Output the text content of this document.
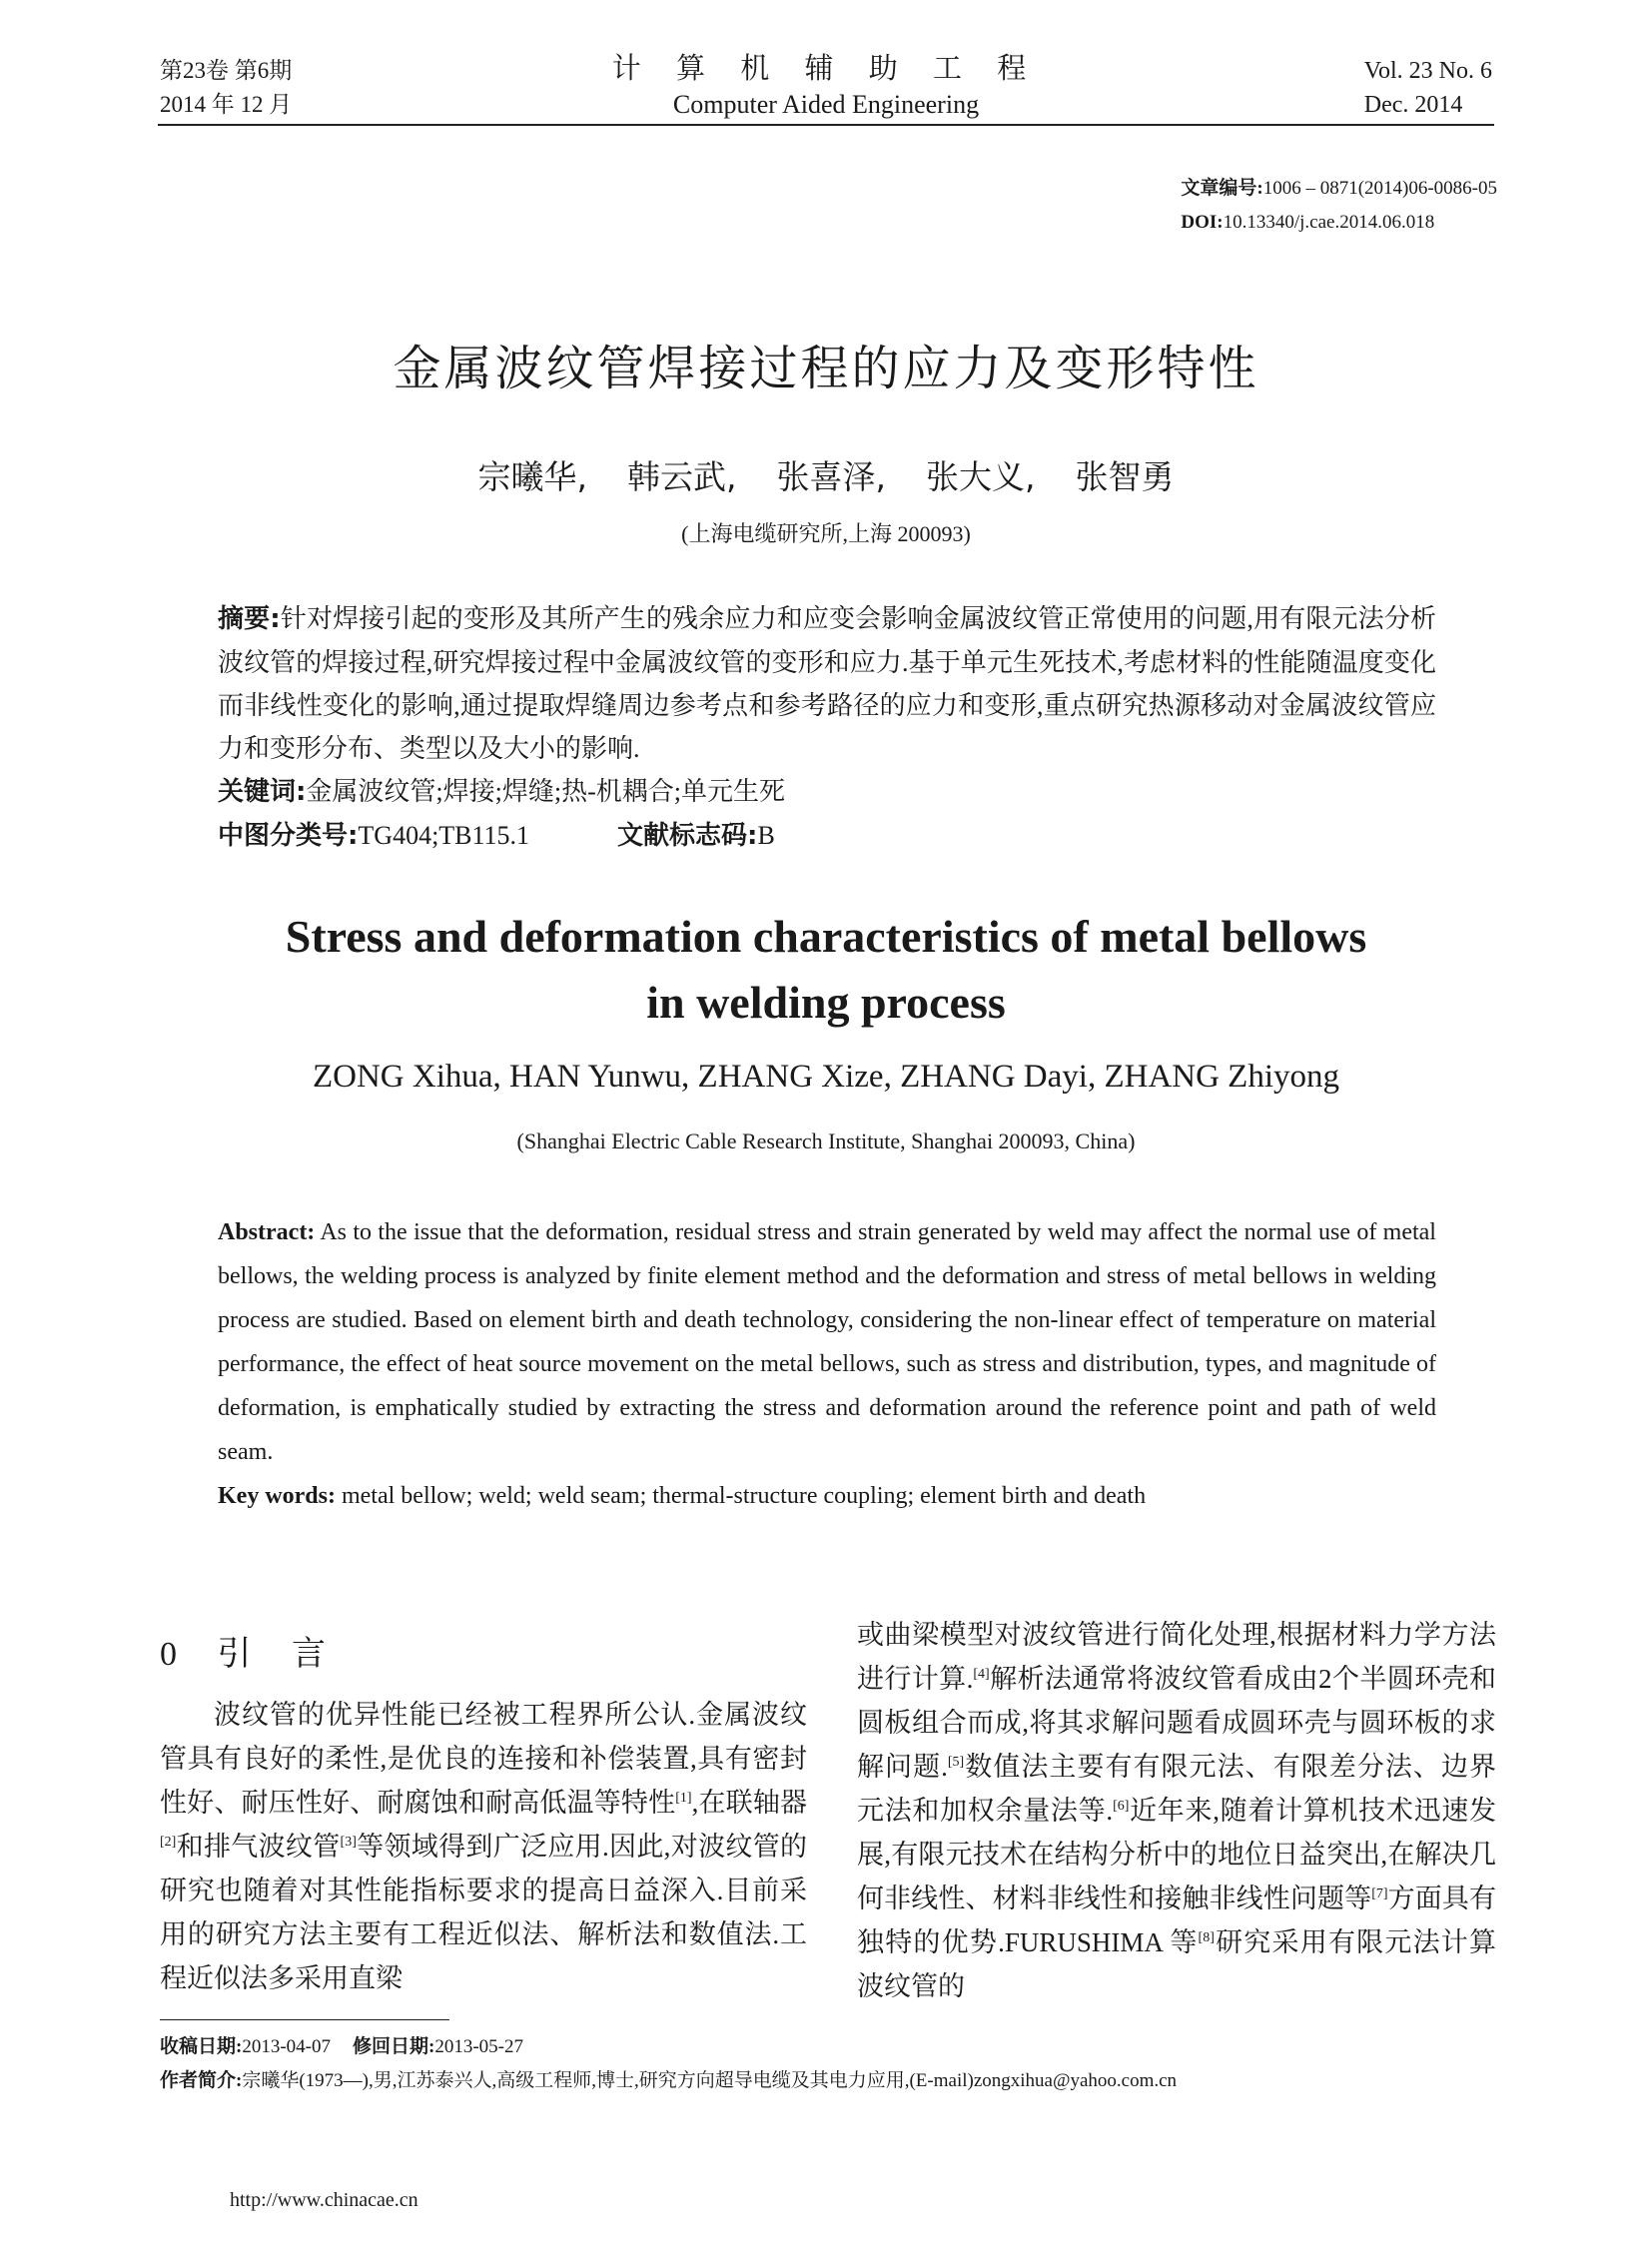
第23卷 第6期
2014 年 12 月
计 算 机 辅 助 工 程
Computer Aided Engineering
Vol. 23 No. 6
Dec. 2014
文章编号:1006 – 0871(2014)06-0086-05
DOI:10.13340/j.cae.2014.06.018
金属波纹管焊接过程的应力及变形特性
宗曦华, 韩云武, 张喜泽, 张大义, 张智勇
(上海电缆研究所,上海 200093)

摘要:针对焊接引起的变形及其所产生的残余应力和应变会影响金属波纹管正常使用的问题,用有限元法分析波纹管的焊接过程,研究焊接过程中金属波纹管的变形和应力.基于单元生死技术,考虑材料的性能随温度变化而非线性变化的影响,通过提取焊缝周边参考点和参考路径的应力和变形,重点研究热源移动对金属波纹管应力和变形分布、类型以及大小的影响.

关键词:金属波纹管;焊接;焊缝;热-机耦合;单元生死

中图分类号:TG404;TB115.1	文献标志码:B

Stress and deformation characteristics of metal bellows
in welding process
ZONG Xihua, HAN Yunwu, ZHANG Xize, ZHANG Dayi, ZHANG Zhiyong
(Shanghai Electric Cable Research Institute, Shanghai 200093, China)

Abstract: As to the issue that the deformation, residual stress and strain generated by weld may affect the normal use of metal bellows, the welding process is analyzed by finite element method and the deformation and stress of metal bellows in welding process are studied. Based on element birth and death technology, considering the non-linear effect of temperature on material performance, the effect of heat source movement on the metal bellows, such as stress and distribution, types, and magnitude of deformation, is emphatically studied by extracting the stress and deformation around the reference point and path of weld seam.

Key words: metal bellow; weld; weld seam; thermal-structure coupling; element birth and death

0 引 言
波纹管的优异性能已经被工程界所公认.金属波纹管具有良好的柔性,是优良的连接和补偿装置,具有密封性好、耐压性好、耐腐蚀和耐高低温等特性[1],在联轴器[2]和排气波纹管[3]等领域得到广泛应用.因此,对波纹管的研究也随着对其性能指标要求的提高日益深入.目前采用的研究方法主要有工程近似法、解析法和数值法.工程近似法多采用直梁
或曲梁模型对波纹管进行简化处理,根据材料力学方法进行计算.[4]解析法通常将波纹管看成由2个半圆环壳和圆板组合而成,将其求解问题看成圆环壳与圆环板的求解问题.[5]数值法主要有有限元法、有限差分法、边界元法和加权余量法等.[6]近年来,随着计算机技术迅速发展,有限元技术在结构分析中的地位日益突出,在解决几何非线性、材料非线性和接触非线性问题等[7]方面具有独特的优势.FURUSHIMA 等[8]研究采用有限元法计算波纹管的
收稿日期:2013-04-07 修回日期:2013-05-27
作者简介:宗曦华(1973—),男,江苏泰兴人,高级工程师,博士,研究方向超导电缆及其电力应用,(E-mail)zongxihua@yahoo.com.cn
http://www.chinacae.cn
